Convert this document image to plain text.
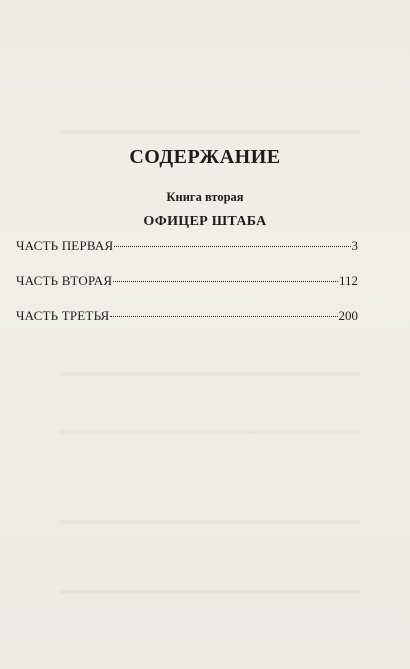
СОДЕРЖАНИЕ
Книга вторая
ОФИЦЕР ШТАБА
ЧАСТЬ ПЕРВАЯ	3
ЧАСТЬ ВТОРАЯ	112
ЧАСТЬ ТРЕТЬЯ	200
